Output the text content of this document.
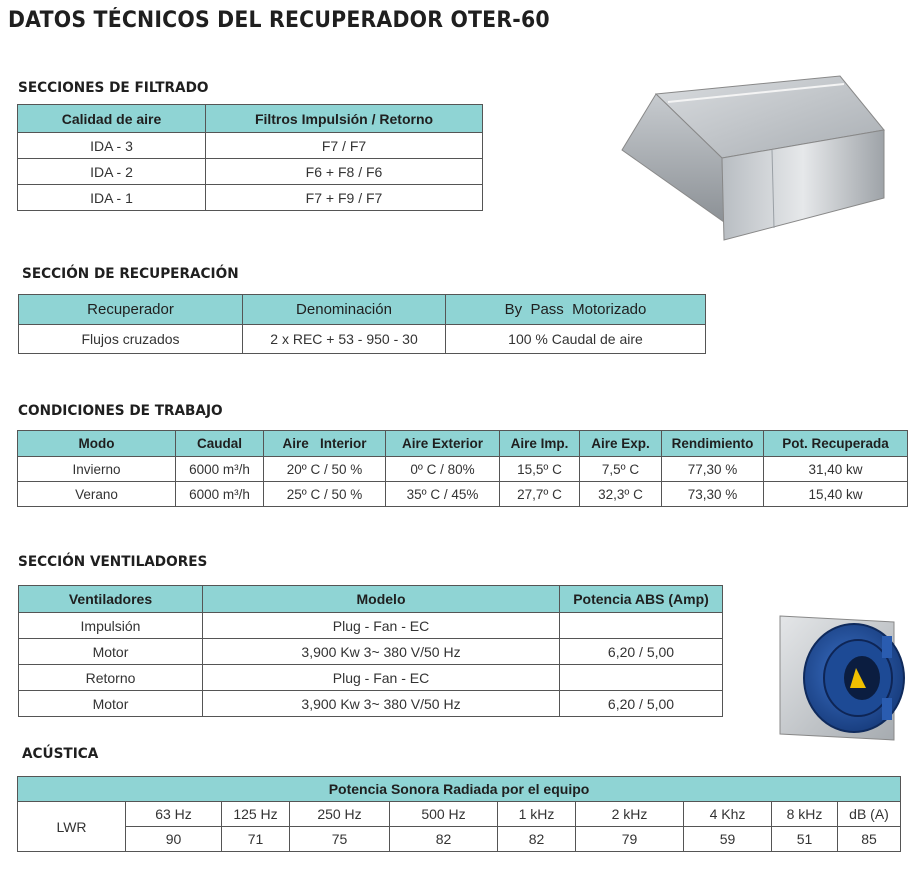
DATOS TÉCNICOS DEL RECUPERADOR OTER-60
SECCIONES DE FILTRADO
Calidad de aire	Filtros Impulsión / Retorno
IDA - 3	F7 / F7
IDA - 2	F6 + F8 / F6
IDA - 1	F7 + F9 / F7
SECCIÓN DE RECUPERACIÓN
Recuperador	Denominación	By  Pass  Motorizado
Flujos cruzados	2 x REC + 53 - 950 - 30	100 % Caudal de aire
CONDICIONES DE TRABAJO
Modo	Caudal	Aire   Interior	Aire Exterior	Aire Imp.	Aire Exp.	Rendimiento	Pot. Recuperada
Invierno	6000 m³/h	20º C / 50 %	0º C / 80%	15,5º C	7,5º C	77,30 %	31,40 kw
Verano	6000 m³/h	25º C / 50 %	35º C / 45%	27,7º C	32,3º C	73,30 %	15,40 kw
SECCIÓN VENTILADORES
Ventiladores	Modelo	Potencia ABS (Amp)
Impulsión	Plug - Fan - EC	
Motor	3,900 Kw 3~ 380 V/50 Hz	6,20 / 5,00
Retorno	Plug - Fan - EC	
Motor	3,900 Kw 3~ 380 V/50 Hz	6,20 / 5,00
ACÚSTICA
Potencia Sonora Radiada por el equipo									
LWR	63 Hz	125 Hz	250 Hz	500 Hz	1 kHz	2 kHz	4 Khz	8 kHz	dB (A)
	90	71	75	82	82	79	59	51	85
